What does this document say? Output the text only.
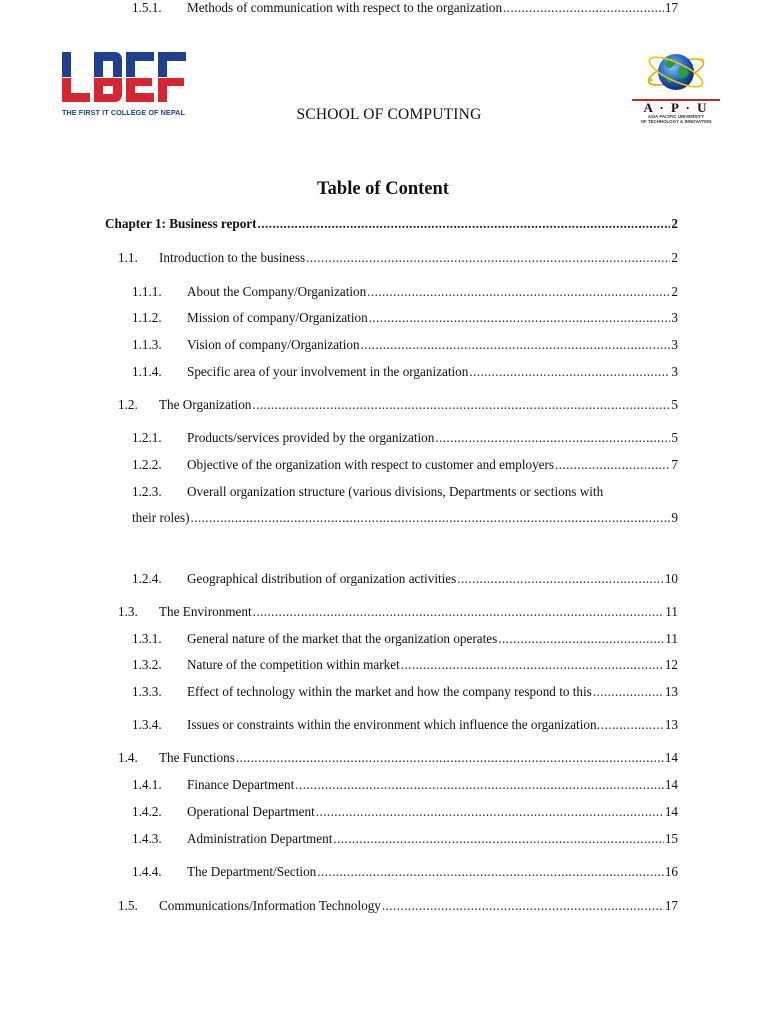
THE FIRST IT COLLEGE OF NEPAL	A · P · U
ASIA PACIFIC UNIVERSITY
OF TECHNOLOGY & INNOVATION
SCHOOL OF COMPUTING
Table of Content
Chapter 1: Business report .....	2
1.1.	Introduction to the business .....	2
1.1.1.	About the Company/Organization .....	2
1.1.2.	Mission of company/Organization .....	3
1.1.3.	Vision of company/Organization .....	3
1.1.4.	Specific area of your involvement in the organization .....	3
1.2.	The Organization .....	5
1.2.1.	Products/services provided by the organization .....	5
1.2.2.	Objective of the organization with respect to customer and employers .....	7
1.2.3.	Overall organization structure (various divisions, Departments or sections with
their roles) .....	9
1.2.4.	Geographical distribution of organization activities .....	10
1.3.	The Environment .....	11
1.3.1.	General nature of the market that the organization operates .....	11
1.3.2.	Nature of the competition within market .....	12
1.3.3.	Effect of technology within the market and how the company respond to this .....	13
1.3.4.	Issues or constraints within the environment which influence the organization. .....	13
1.4.	The Functions .....	14
1.4.1.	Finance Department .....	14
1.4.2.	Operational Department .....	14
1.4.3.	Administration Department .....	15
1.4.4.	The Department/Section .....	16
1.5.	Communications/Information Technology .....	17
1.5.1.	Methods of communication with respect to the organization .....	17
